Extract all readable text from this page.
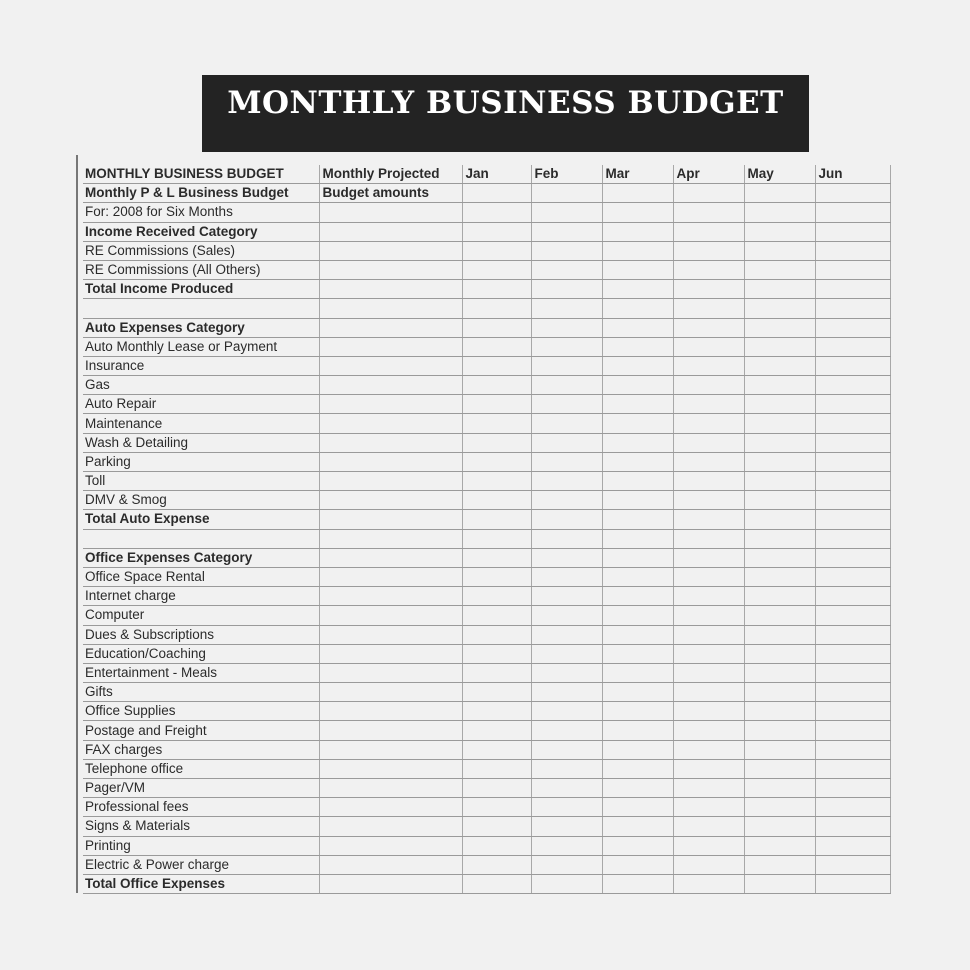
MONTHLY BUSINESS BUDGET
MONTHLY BUSINESS BUDGET	Monthly Projected	Jan	Feb	Mar	Apr	May	Jun
Monthly P & L Business Budget	Budget amounts						
For: 2008 for Six Months							
Income Received Category							
RE Commissions (Sales)							
RE Commissions (All Others)							
Total Income Produced							

Auto Expenses Category							
Auto Monthly Lease or Payment							
Insurance							
Gas							
Auto Repair							
Maintenance							
Wash & Detailing							
Parking							
Toll							
DMV & Smog							
Total Auto Expense							

Office Expenses Category							
Office Space Rental							
Internet charge							
Computer							
Dues & Subscriptions							
Education/Coaching							
Entertainment - Meals							
Gifts							
Office Supplies							
Postage and Freight							
FAX charges							
Telephone office							
Pager/VM							
Professional fees							
Signs & Materials							
Printing							
Electric & Power charge							
Total Office Expenses							
